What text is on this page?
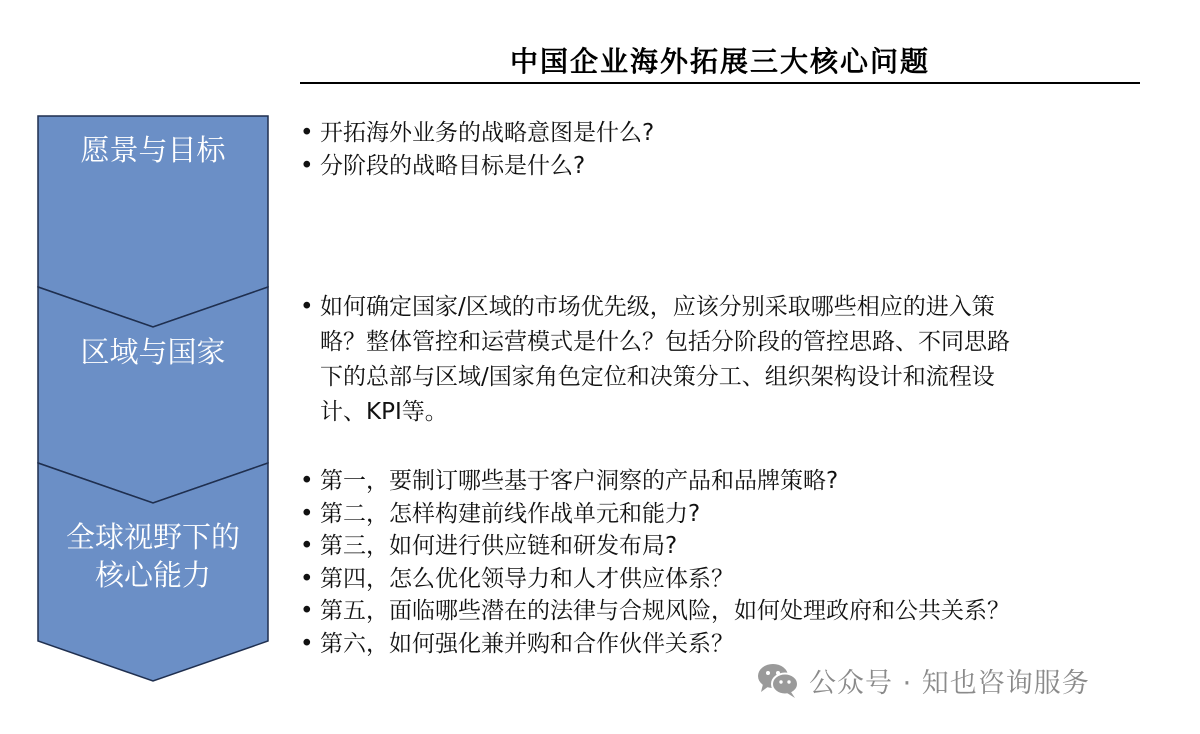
中国企业海外拓展三大核心问题
愿景与目标
区域与国家
全球视野下的
核心能力
• 开拓海外业务的战略意图是什么?
• 分阶段的战略目标是什么?
• 如何确定国家/区域的市场优先级，应该分别采取哪些相应的进入策略？整体管控和运营模式是什么？包括分阶段的管控思路、不同思路下的总部与区域/国家角色定位和决策分工、组织架构设计和流程设计、KPI等。
• 第一，要制订哪些基于客户洞察的产品和品牌策略?
• 第二，怎样构建前线作战单元和能力?
• 第三，如何进行供应链和研发布局?
• 第四，怎么优化领导力和人才供应体系？
• 第五，面临哪些潜在的法律与合规风险，如何处理政府和公共关系？
• 第六，如何强化兼并购和合作伙伴关系？
公众号 · 知也咨询服务
